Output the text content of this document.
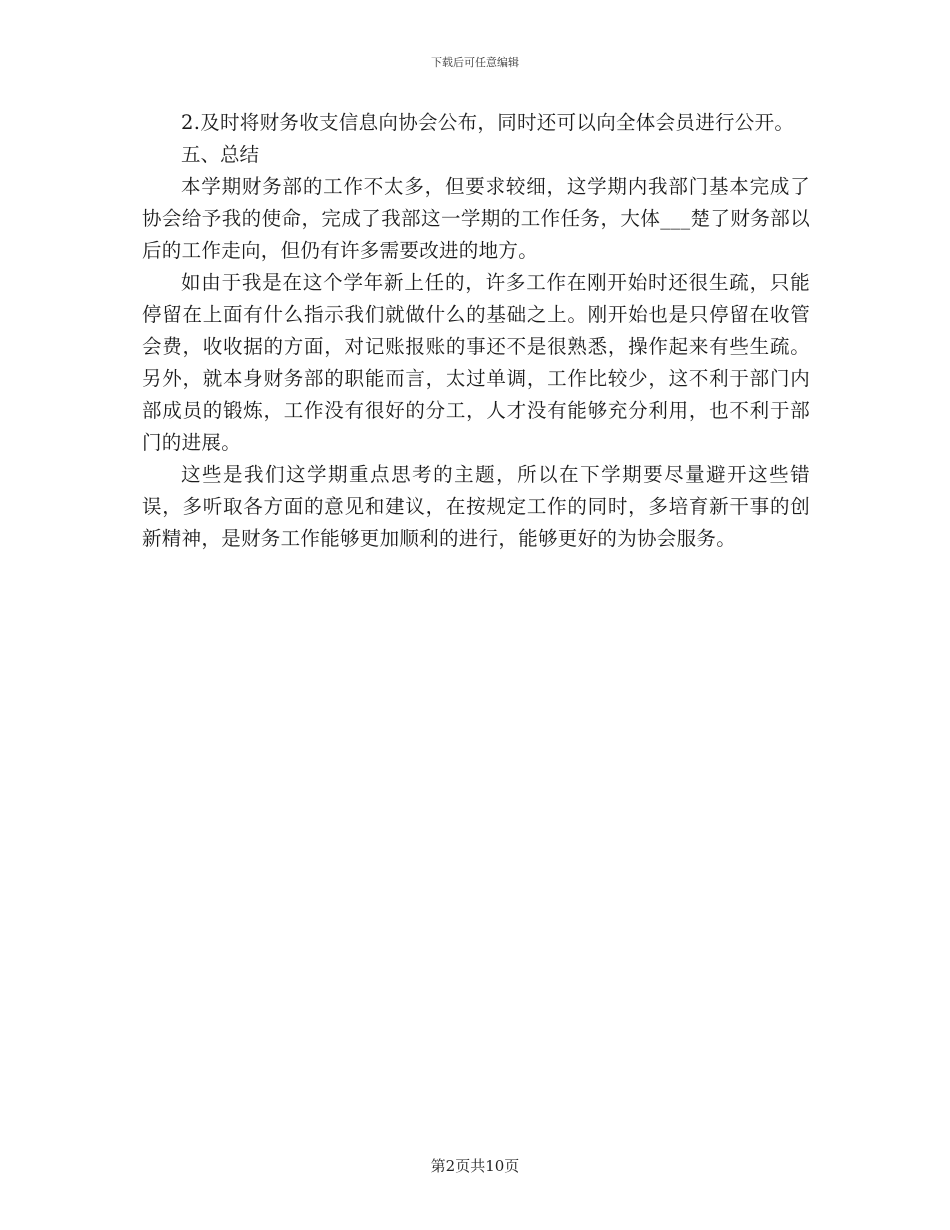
下载后可任意编辑

2.及时将财务收支信息向协会公布，同时还可以向全体会员进行公开。

五、总结

本学期财务部的工作不太多，但要求较细，这学期内我部门基本完成了协会给予我的使命，完成了我部这一学期的工作任务，大体___楚了财务部以后的工作走向，但仍有许多需要改进的地方。

如由于我是在这个学年新上任的，许多工作在刚开始时还很生疏，只能停留在上面有什么指示我们就做什么的基础之上。刚开始也是只停留在收管会费，收收据的方面，对记账报账的事还不是很熟悉，操作起来有些生疏。另外，就本身财务部的职能而言，太过单调，工作比较少，这不利于部门内部成员的锻炼，工作没有很好的分工，人才没有能够充分利用，也不利于部门的进展。

这些是我们这学期重点思考的主题，所以在下学期要尽量避开这些错误，多听取各方面的意见和建议，在按规定工作的同时，多培育新干事的创新精神，是财务工作能够更加顺利的进行，能够更好的为协会服务。

第2页共10页
